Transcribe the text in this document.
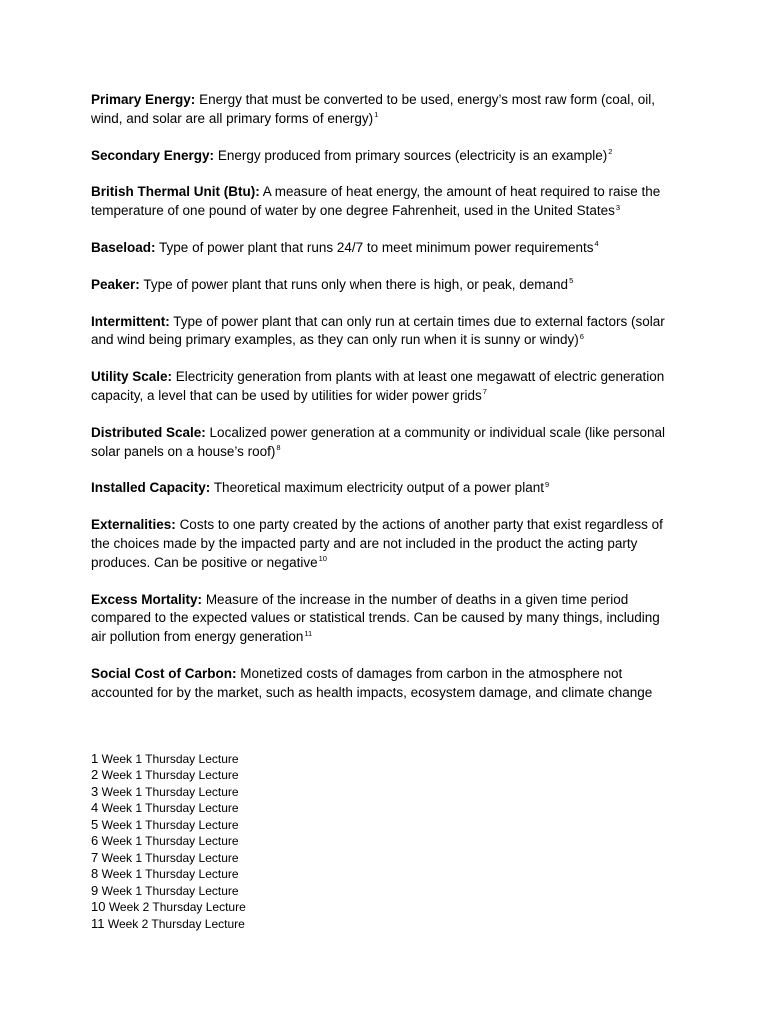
Primary Energy: Energy that must be converted to be used, energy’s most raw form (coal, oil, wind, and solar are all primary forms of energy)$^1$

Secondary Energy: Energy produced from primary sources (electricity is an example)$^2$

British Thermal Unit (Btu): A measure of heat energy, the amount of heat required to raise the temperature of one pound of water by one degree Fahrenheit, used in the United States$^3$

Baseload: Type of power plant that runs 24/7 to meet minimum power requirements$^4$

Peaker: Type of power plant that runs only when there is high, or peak, demand$^5$

Intermittent: Type of power plant that can only run at certain times due to external factors (solar and wind being primary examples, as they can only run when it is sunny or windy)$^6$

Utility Scale: Electricity generation from plants with at least one megawatt of electric generation capacity, a level that can be used by utilities for wider power grids$^7$

Distributed Scale: Localized power generation at a community or individual scale (like personal solar panels on a house’s roof)$^8$

Installed Capacity: Theoretical maximum electricity output of a power plant$^9$

Externalities: Costs to one party created by the actions of another party that exist regardless of the choices made by the impacted party and are not included in the product the acting party produces. Can be positive or negative$^{10}$

Excess Mortality: Measure of the increase in the number of deaths in a given time period compared to the expected values or statistical trends. Can be caused by many things, including air pollution from energy generation$^{11}$

Social Cost of Carbon: Monetized costs of damages from carbon in the atmosphere not accounted for by the market, such as health impacts, ecosystem damage, and climate change

1 Week 1 Thursday Lecture
2 Week 1 Thursday Lecture
3 Week 1 Thursday Lecture
4 Week 1 Thursday Lecture
5 Week 1 Thursday Lecture
6 Week 1 Thursday Lecture
7 Week 1 Thursday Lecture
8 Week 1 Thursday Lecture
9 Week 1 Thursday Lecture
10 Week 2 Thursday Lecture
11 Week 2 Thursday Lecture
